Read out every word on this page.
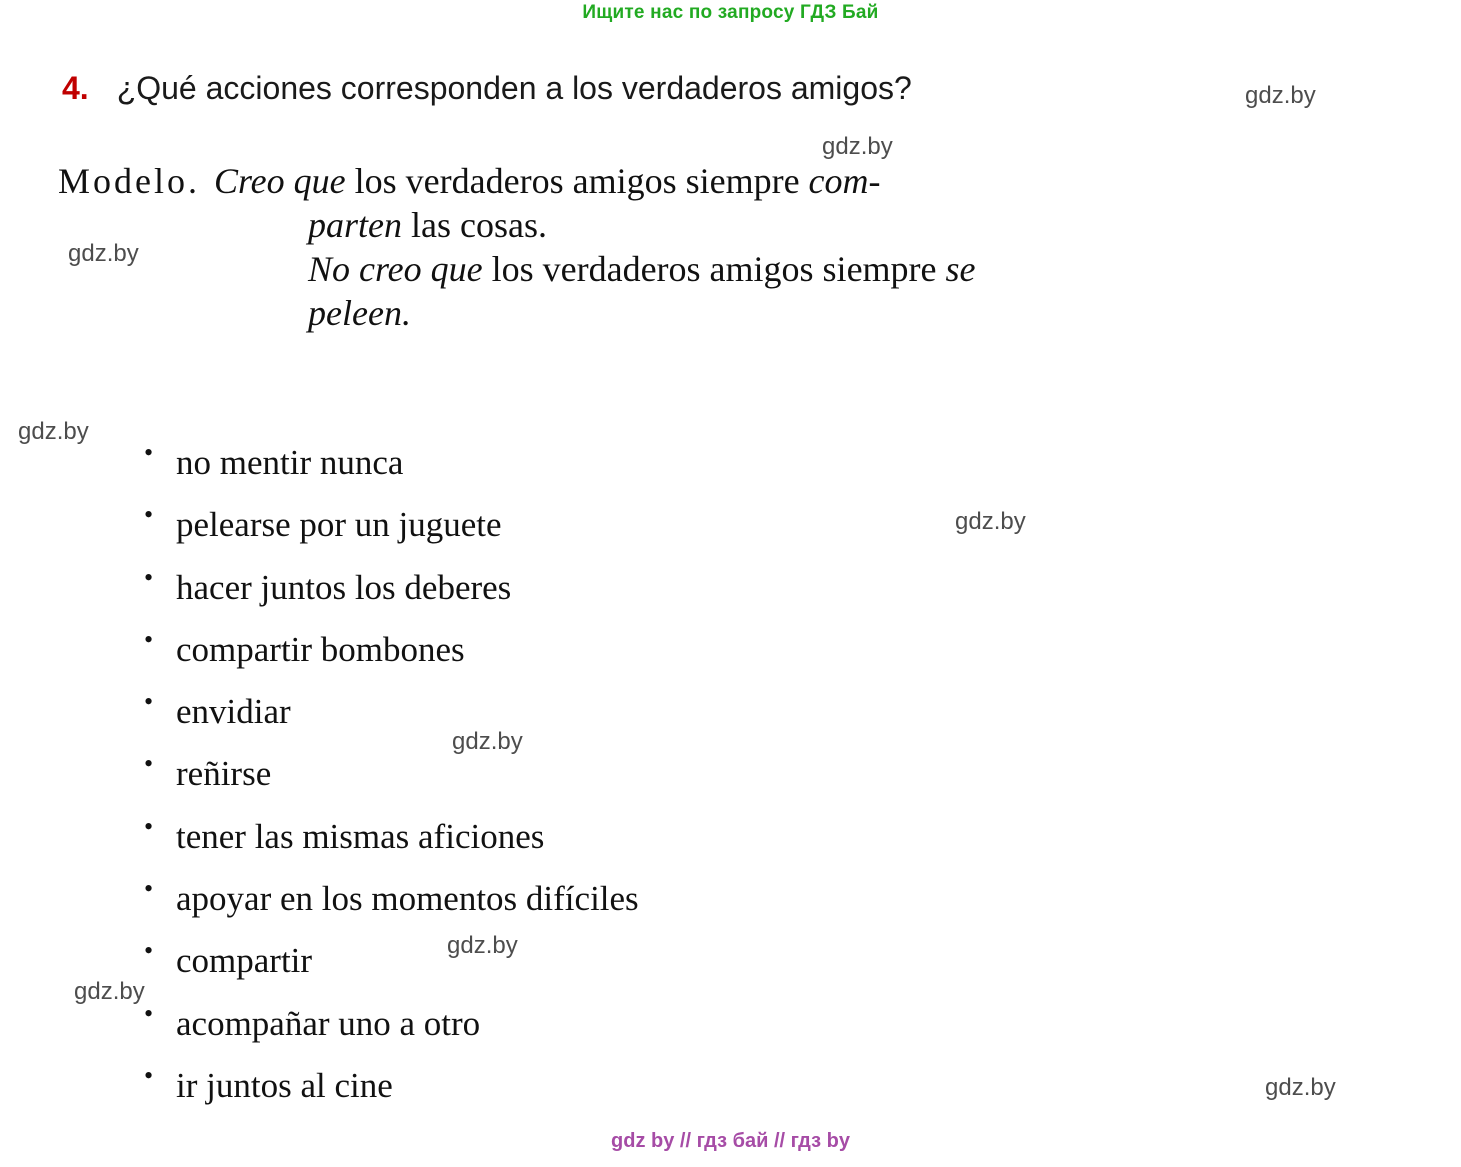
Ищите нас по запросу ГДЗ Бай
gdz.by
gdz.by
gdz.by
gdz.by
gdz.by
gdz.by
gdz.by
gdz.by
gdz.by
4. ¿Qué acciones corresponden a los verdaderos amigos?
Modelo. Creo que los verdaderos amigos siempre com-
parten las cosas.
No creo que los verdaderos amigos siempre se
peleen.
• no mentir nunca
• pelearse por un juguete
• hacer juntos los deberes
• compartir bombones
• envidiar
• reñirse
• tener las mismas aficiones
• apoyar en los momentos difíciles
• compartir
• acompañar uno a otro
• ir juntos al cine
gdz by // гдз бай // гдз by
